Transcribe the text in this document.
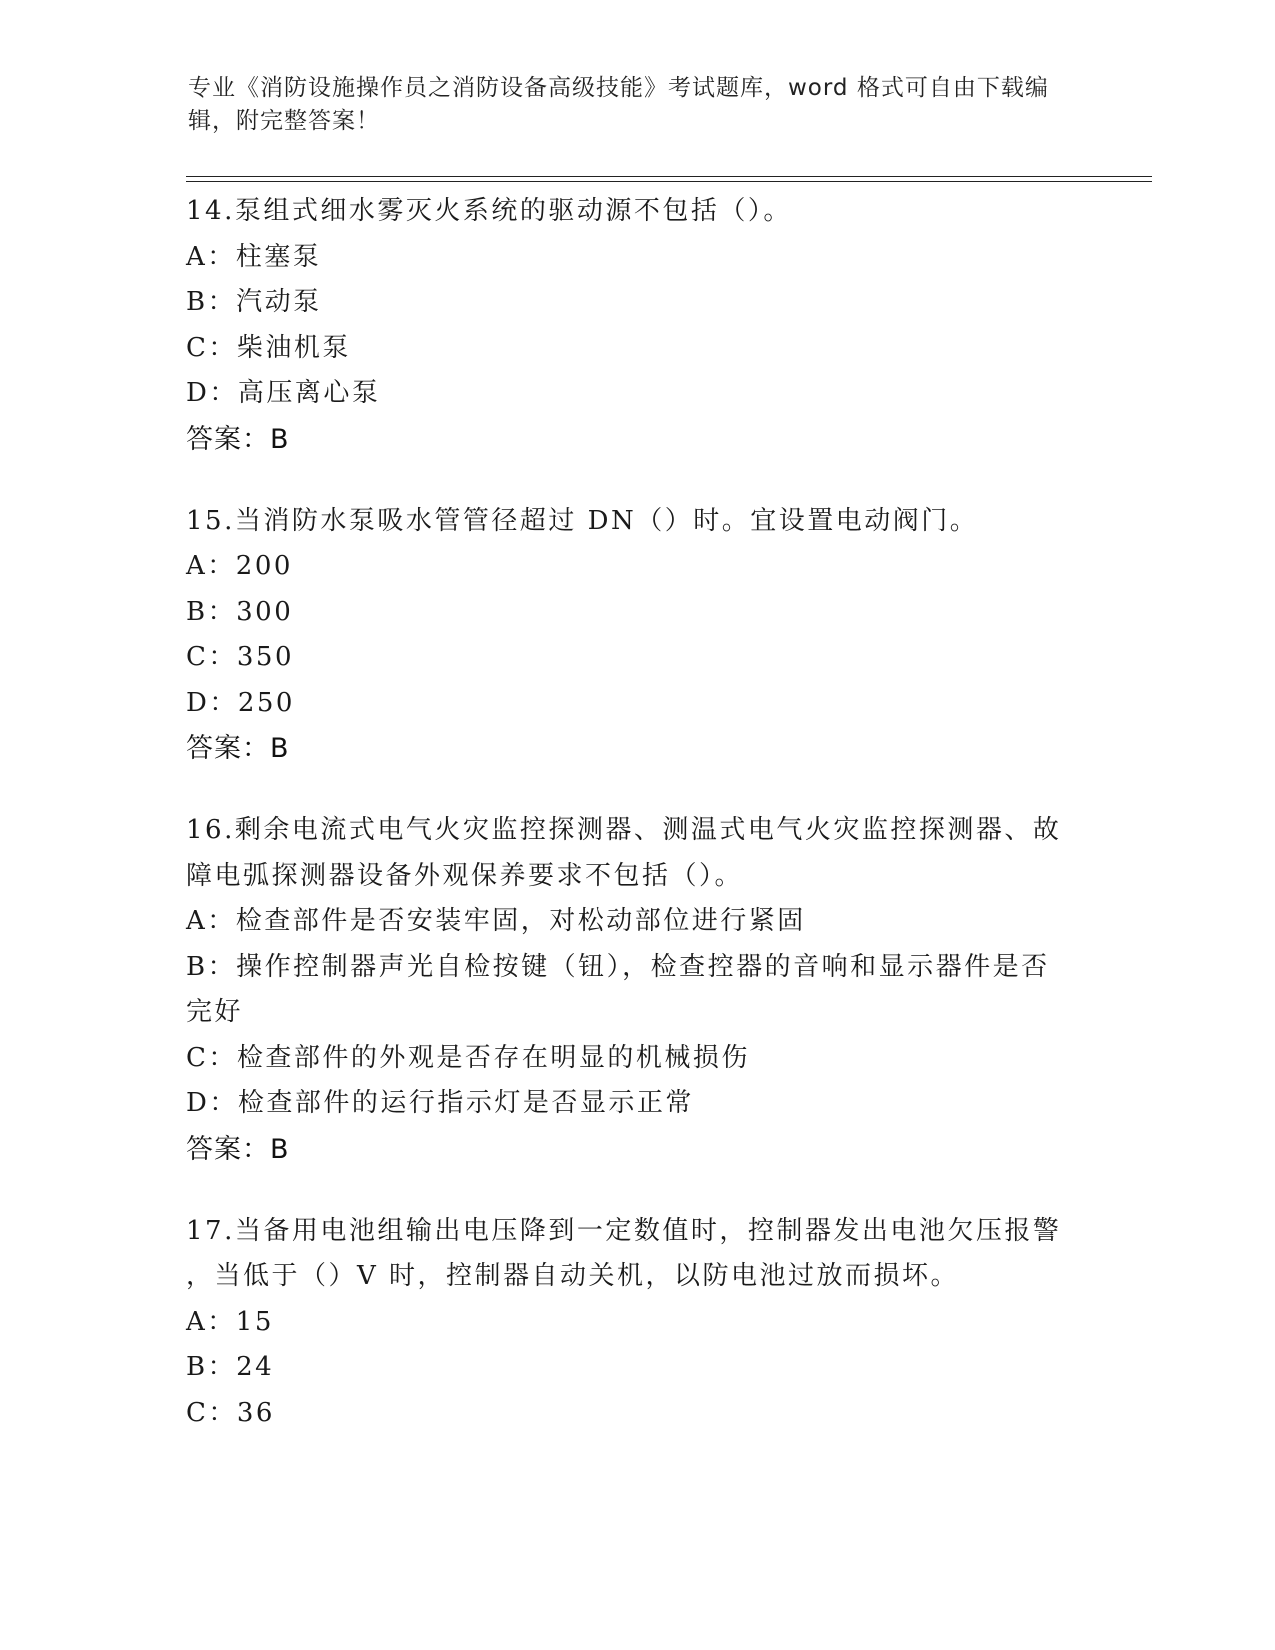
专业《消防设施操作员之消防设备高级技能》考试题库，word 格式可自由下载编
辑，附完整答案！
14.泵组式细水雾灭火系统的驱动源不包括（）。
A：柱塞泵
B：汽动泵
C：柴油机泵
D：高压离心泵
答案：B
15.当消防水泵吸水管管径超过 DN（）时。宜设置电动阀门。
A：200
B：300
C：350
D：250
答案：B
16.剩余电流式电气火灾监控探测器、测温式电气火灾监控探测器、故
障电弧探测器设备外观保养要求不包括（）。
A：检查部件是否安装牢固，对松动部位进行紧固
B：操作控制器声光自检按键（钮），检查控器的音响和显示器件是否
完好
C：检查部件的外观是否存在明显的机械损伤
D：检查部件的运行指示灯是否显示正常
答案：B
17.当备用电池组输出电压降到一定数值时，控制器发出电池欠压报警
，当低于（）V 时，控制器自动关机，以防电池过放而损坏。
A：15
B：24
C：36
